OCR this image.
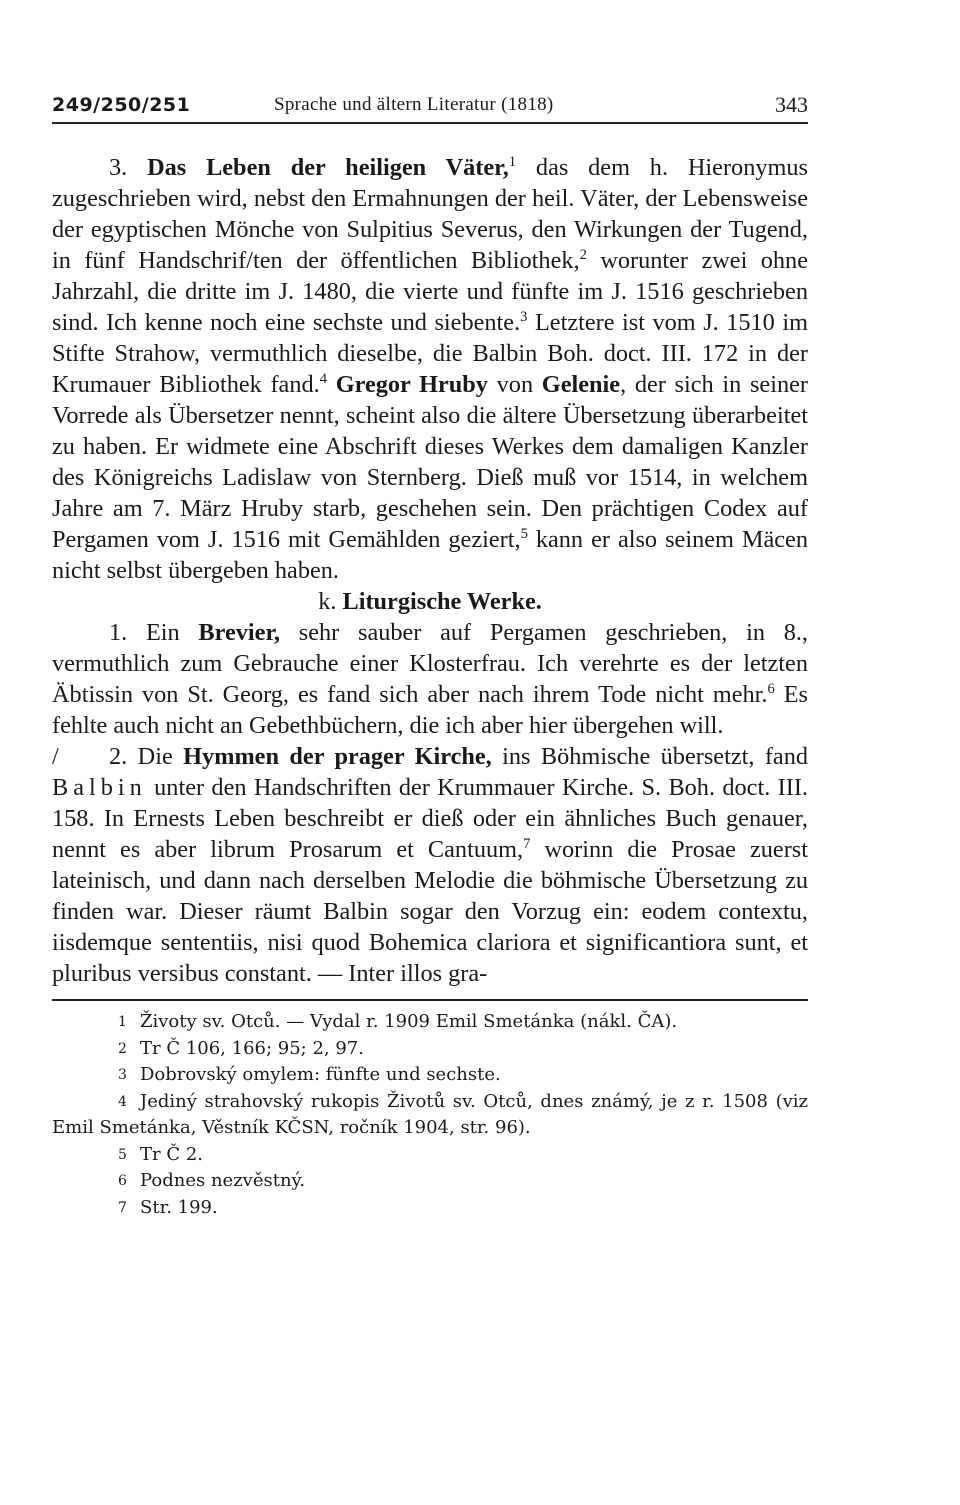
249/250/251	Sprache und ältern Literatur (1818)	343

3. Das Leben der heiligen Väter,$^1$ das dem h. Hieronymus zugeschrieben wird, nebst den Ermahnungen der heil. Väter, der Lebensweise der egyptischen Mönche von Sulpitius Severus, den Wirkungen der Tugend, in fünf Handschrif/ten der öffentlichen Bibliothek,$^2$ worunter zwei ohne Jahrzahl, die dritte im J. 1480, die vierte und fünfte im J. 1516 geschrieben sind. Ich kenne noch eine sechste und siebente.$^3$ Letztere ist vom J. 1510 im Stifte Strahow, vermuthlich dieselbe, die Balbin Boh. doct. III. 172 in der Krumauer Bibliothek fand.$^4$ Gregor Hruby von Gelenie, der sich in seiner Vorrede als Übersetzer nennt, scheint also die ältere Übersetzung überarbeitet zu haben. Er widmete eine Abschrift dieses Werkes dem damaligen Kanzler des Königreichs Ladislaw von Sternberg. Dieß muß vor 1514, in welchem Jahre am 7. März Hruby starb, geschehen sein. Den prächtigen Codex auf Pergamen vom J. 1516 mit Gemählden geziert,$^5$ kann er also seinem Mäcen nicht selbst übergeben haben.

k. Liturgische Werke.

1. Ein Brevier, sehr sauber auf Pergamen geschrieben, in 8., vermuthlich zum Gebrauche einer Klosterfrau. Ich verehrte es der letzten Äbtissin von St. Georg, es fand sich aber nach ihrem Tode nicht mehr.$^6$ Es fehlte auch nicht an Gebethbüchern, die ich aber hier übergehen will.

/ 2. Die Hymmen der prager Kirche, ins Böhmische übersetzt, fand Balbin unter den Handschriften der Krummauer Kirche. S. Boh. doct. III. 158. In Ernests Leben beschreibt er dieß oder ein ähnliches Buch genauer, nennt es aber librum Prosarum et Cantuum,$^7$ worinn die Prosae zuerst lateinisch, und dann nach derselben Melodie die böhmische Übersetzung zu finden war. Dieser räumt Balbin sogar den Vorzug ein: eodem contextu, iisdemque sententiis, nisi quod Bohemica clariora et significantiora sunt, et pluribus versibus constant. — Inter illos gra-

1 Životy sv. Otců. — Vydal r. 1909 Emil Smetánka (nákl. ČA).
2 Tr Č 106, 166; 95; 2, 97.
3 Dobrovský omylem: fünfte und sechste.
4 Jediný strahovský rukopis Životů sv. Otců, dnes známý, je z r. 1508 (viz Emil Smetánka, Věstník KČSN, ročník 1904, str. 96).
5 Tr Č 2.
6 Podnes nezvěstný.
7 Str. 199.
